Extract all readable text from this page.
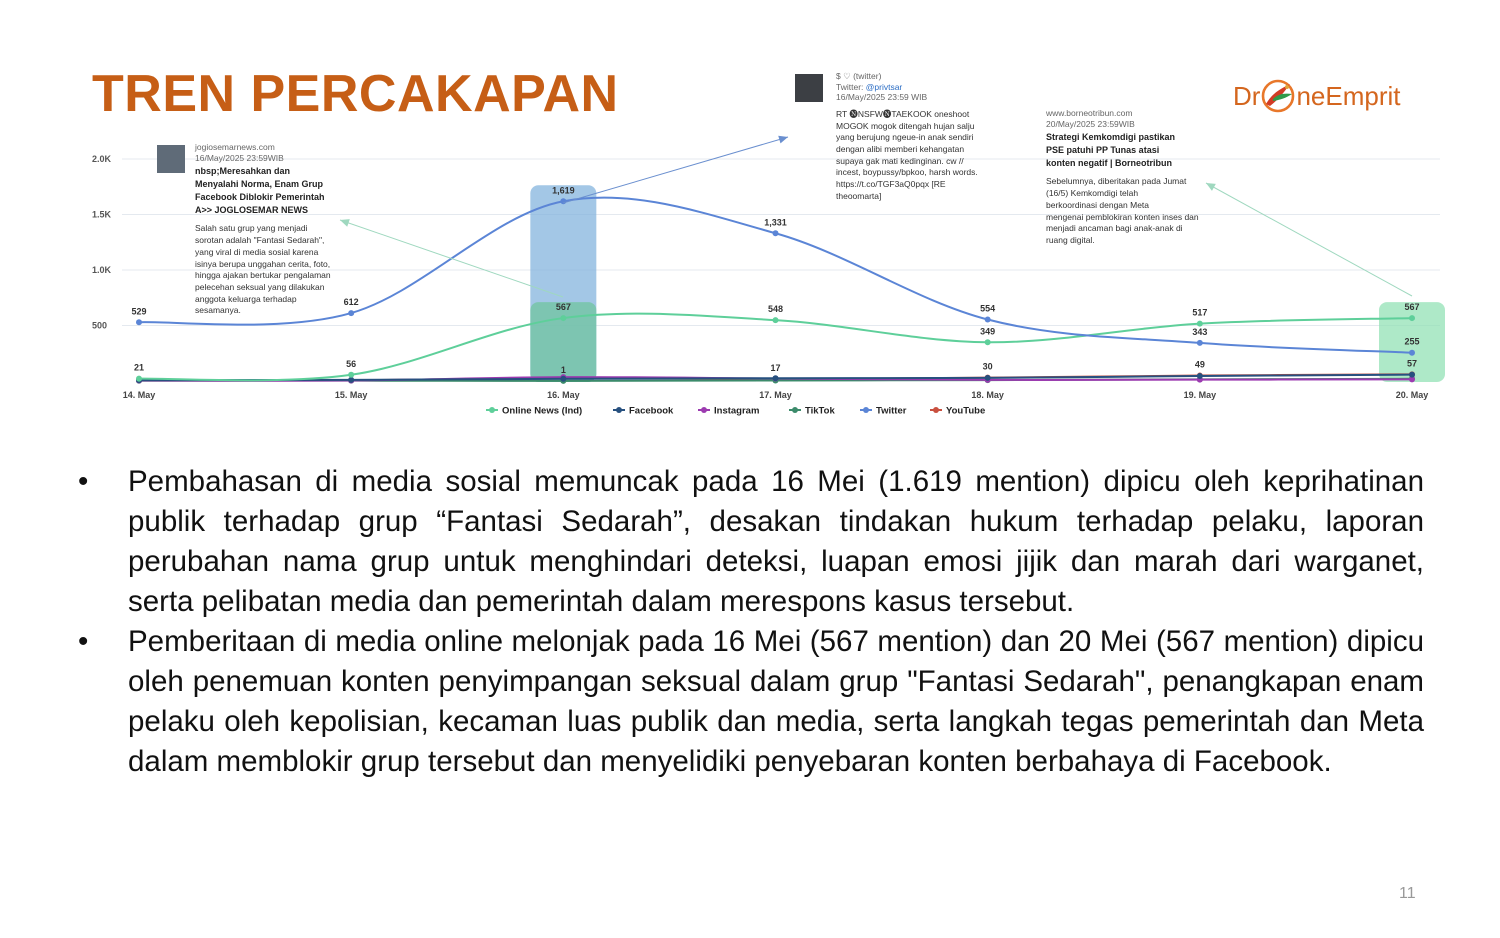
TREN PERCAKAPAN	Dr neEmprit
500
1.0K
1.5K
2.0K
21	56
567	548
349
517
567
57
1
529
612
1,619
1,331
554
343
255
17	30	49
14. May	15. May	16. May	17. May	18. May	19. May	20. May
Online News (Ind)	Facebook	Instagram	TikTok	Twitter	YouTube
jogiosemarnews.com
16/May/2025 23:59WIB
nbsp;Meresahkan dan
Menyalahi Norma, Enam Grup
Facebook Diblokir Pemerintah
A>> JOGLOSEMAR NEWS
Salah satu grup yang menjadi
sorotan adalah "Fantasi Sedarah",
yang viral di media sosial karena
isinya berupa unggahan cerita, foto,
hingga ajakan bertukar pengalaman
pelecehan seksual yang dilakukan
anggota keluarga terhadap
sesamanya.
$ ♡ (twitter)
Twitter: @privtsar
16/May/2025 23:59 WIB
RT 🅝NSFW🅝TAEKOOK oneshoot
MOGOK mogok ditengah hujan salju
yang berujung ngeue-in anak sendiri
dengan alibi memberi kehangatan
supaya gak mati kedinginan. cw //
incest, boypussy/bpkoo, harsh words.
https://t.co/TGF3aQ0pqx [RE
theoomarta]
www.borneotribun.com
20/May/2025 23:59WIB
Strategi Kemkomdigi pastikan
PSE patuhi PP Tunas atasi
konten negatif | Borneotribun
Sebelumnya, diberitakan pada Jumat
(16/5) Kemkomdigi telah
berkoordinasi dengan Meta
mengenai pemblokiran konten inses dan
menjadi ancaman bagi anak-anak di
ruang digital.
•	Pembahasan di media sosial memuncak pada 16 Mei (1.619 mention) dipicu oleh keprihatinan publik terhadap grup “Fantasi Sedarah”, desakan tindakan hukum terhadap pelaku, laporan perubahan nama grup untuk menghindari deteksi, luapan emosi jijik dan marah dari warganet, serta pelibatan media dan pemerintah dalam merespons kasus tersebut.
•	Pemberitaan di media online melonjak pada 16 Mei (567 mention) dan 20 Mei (567 mention) dipicu oleh penemuan konten penyimpangan seksual dalam grup "Fantasi Sedarah", penangkapan enam pelaku oleh kepolisian, kecaman luas publik dan media, serta langkah tegas pemerintah dan Meta dalam memblokir grup tersebut dan menyelidiki penyebaran konten berbahaya di Facebook.
11
